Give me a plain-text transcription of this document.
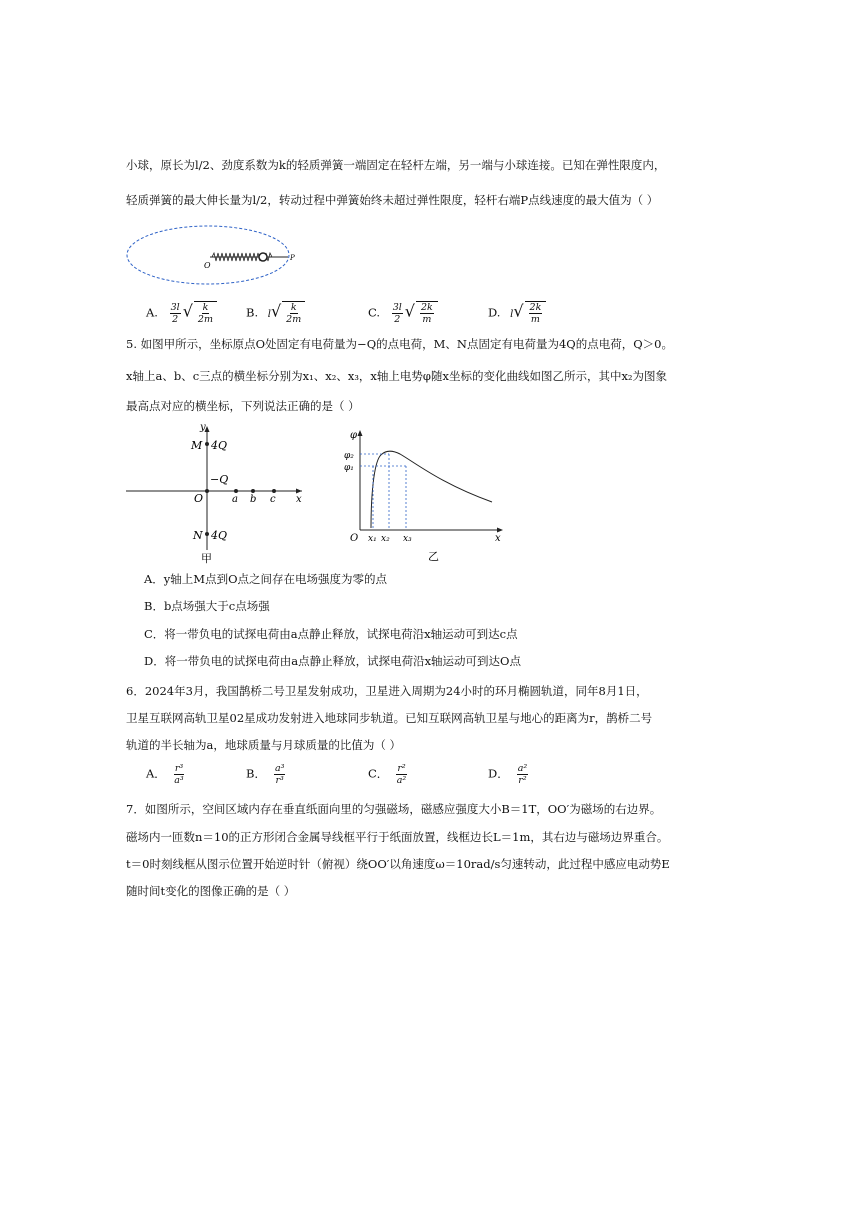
小球，原长为l/2、劲度系数为k的轻质弹簧一端固定在轻杆左端，另一端与小球连接。已知在弹性限度内，
轻质弹簧的最大伸长量为l/2，转动过程中弹簧始终未超过弹性限度，轻杆右端P点线速度的最大值为（ ）
O
P
A. $\frac{3l}{2}$ √ $\frac{k}{2m}$	B. $l√ \frac{k}{2m}$	C. $\frac{3l}{2}$ √ $\frac{2k}{m}$	D. $l√ \frac{2k}{m}$
5. 如图甲所示，坐标原点O处固定有电荷量为−Q的点电荷，M、N点固定有电荷量为4Q的点电荷，Q＞0。
x轴上a、b、c三点的横坐标分别为x₁、x₂、x₃，x轴上电势φ随x坐标的变化曲线如图乙所示，其中x₂为图象
最高点对应的横坐标，下列说法正确的是（ ）
y
x
M 4Q
−Q
O	a b c
N 4Q
甲
φ
φ₂
φ₁
O x₁ x₂ x₃	x
乙
A．y轴上M点到O点之间存在电场强度为零的点
B．b点场强大于c点场强
C．将一带负电的试探电荷由a点静止释放，试探电荷沿x轴运动可到达c点
D．将一带负电的试探电荷由a点静止释放，试探电荷沿x轴运动可到达O点
6．2024年3月，我国鹊桥二号卫星发射成功，卫星进入周期为24小时的环月椭圆轨道，同年8月1日，
卫星互联网高轨卫星02星成功发射进入地球同步轨道。已知互联网高轨卫星与地心的距离为r，鹊桥二号
轨道的半长轴为a，地球质量与月球质量的比值为（ ）
A． $\frac{\text{r³}}{\text{a³}}$	B． $\frac{\text{a³}}{\text{r³}}$	C． $\frac{\text{r²}}{\text{a²}}$	D． $\frac{\text{a²}}{\text{r²}}$
7．如图所示，空间区域内存在垂直纸面向里的匀强磁场，磁感应强度大小B＝1T，OO′为磁场的右边界。
磁场内一匝数n＝10的正方形闭合金属导线框平行于纸面放置，线框边长L＝1m，其右边与磁场边界重合。
t＝0时刻线框从图示位置开始逆时针（俯视）绕OO′以角速度ω＝10rad/s匀速转动，此过程中感应电动势E
随时间t变化的图像正确的是（ ）
